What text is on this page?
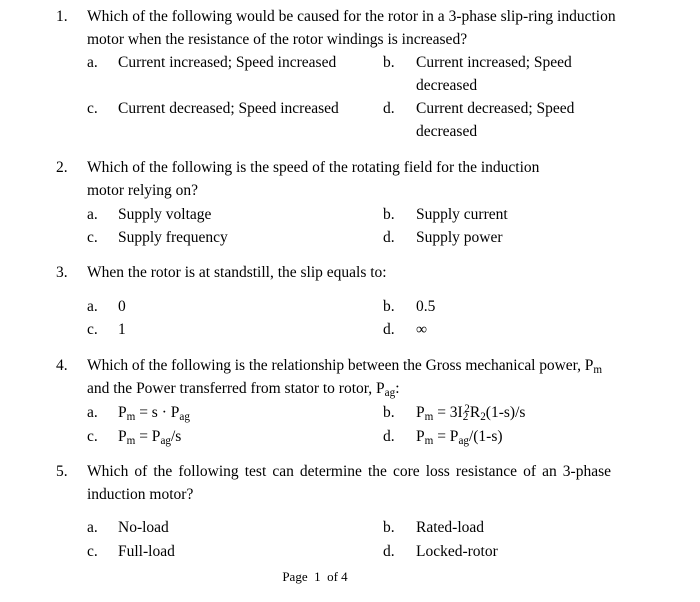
1. Which of the following would be caused for the rotor in a 3-phase slip-ring induction
motor when the resistance of the rotor windings is increased?
a. Current increased; Speed increased	b. Current increased; Speed
decreased
c. Current decreased; Speed increased	d. Current decreased; Speed
decreased
2. Which of the following is the speed of the rotating field for the induction
motor relying on?
a. Supply voltage	b. Supply current
c. Supply frequency	d. Supply power
3. When the rotor is at standstill, the slip equals to:
a. 0	b. 0.5
c. 1	d. ∞
4. Which of the following is the relationship between the Gross mechanical power, $P_m$
and the Power transferred from stator to rotor, $P_{ag}$:
a. $P_m = s \cdot P_{ag}$	b. $P_m = 3I_2^2R_2(1-s)/s$
c. $P_m = P_{ag}/s$	d. $P_m = P_{ag}/(1-s)$
5. Which of the following test can determine the core loss resistance of an 3-phase
induction motor?
a. No-load	b. Rated-load
c. Full-load	d. Locked-rotor
Page  1  of 4
